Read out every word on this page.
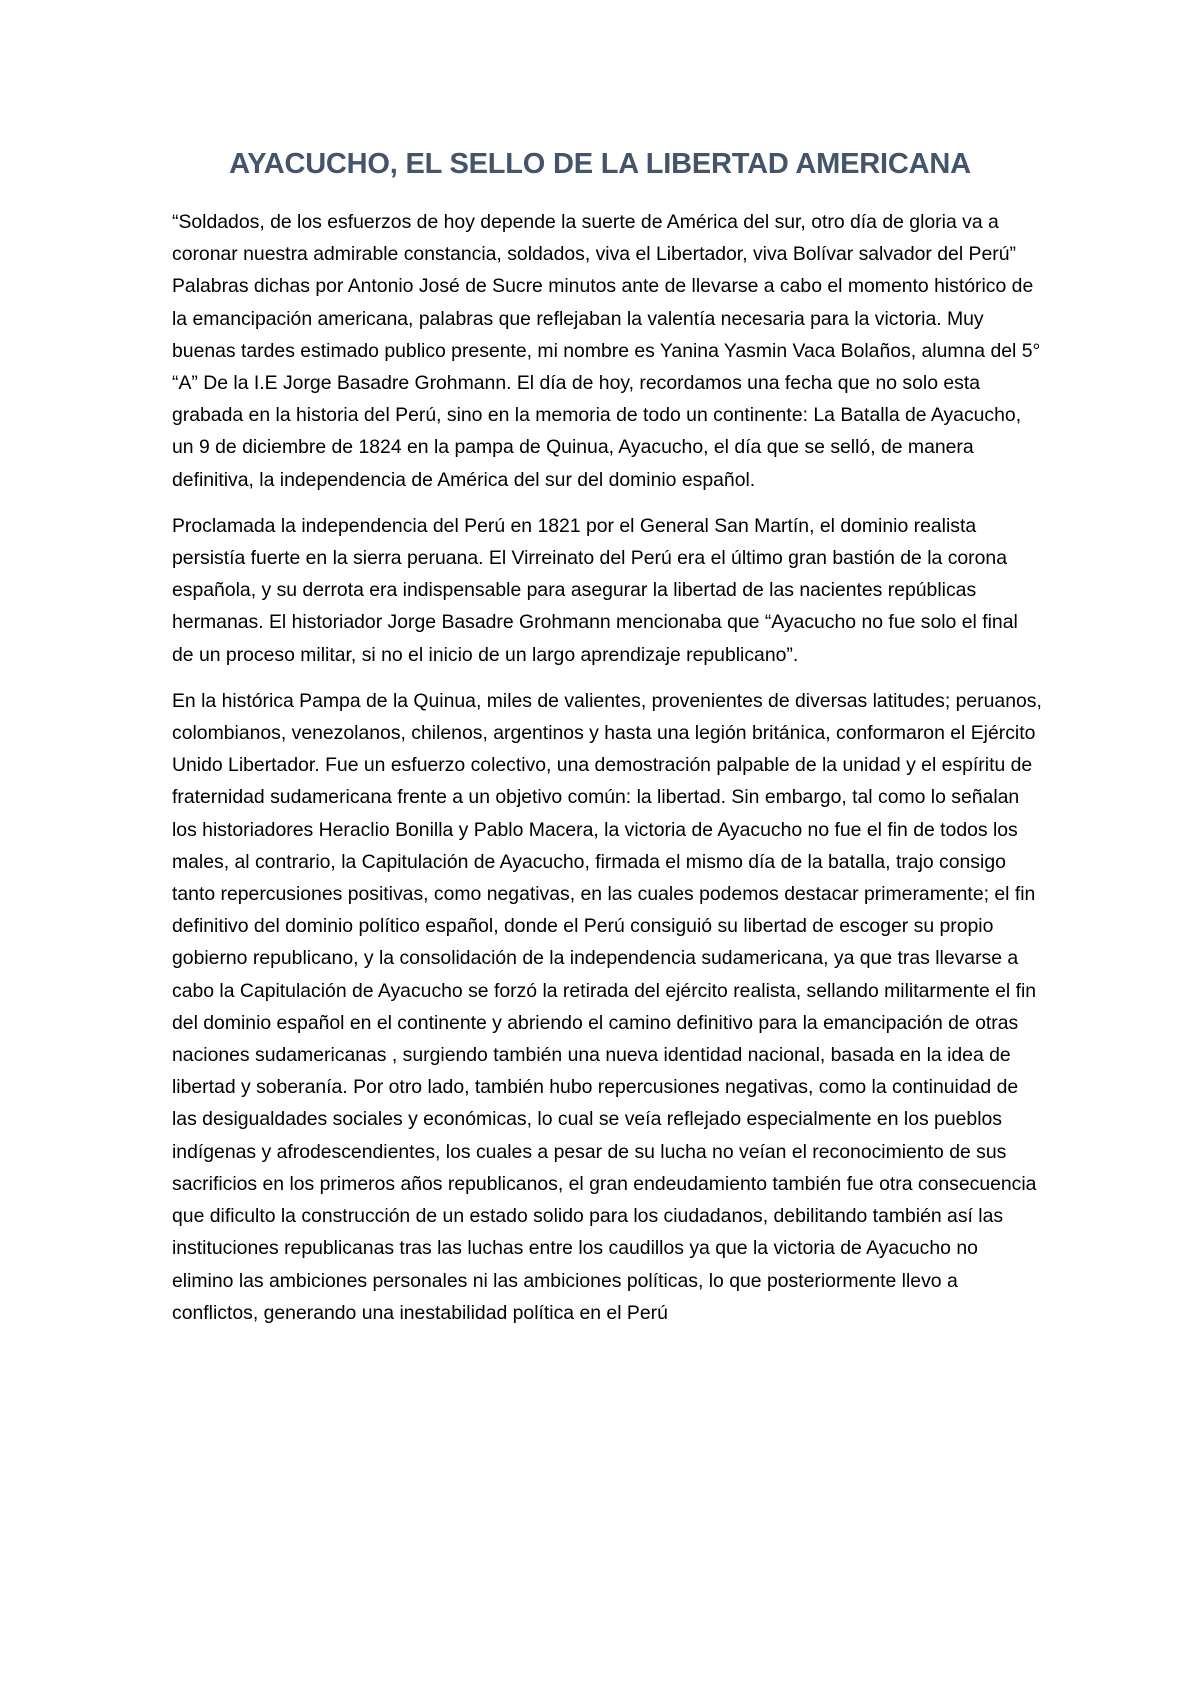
AYACUCHO, EL SELLO DE LA LIBERTAD AMERICANA

“Soldados, de los esfuerzos de hoy depende la suerte de América del sur, otro día de gloria va a coronar nuestra admirable constancia, soldados, viva el Libertador, viva Bolívar salvador del Perú” Palabras dichas por Antonio José de Sucre minutos ante de llevarse a cabo el momento histórico de la emancipación americana, palabras que reflejaban la valentía necesaria para la victoria. Muy buenas tardes estimado publico presente, mi nombre es Yanina Yasmin Vaca Bolaños, alumna del 5° “A” De la I.E Jorge Basadre Grohmann. El día de hoy, recordamos una fecha que no solo esta grabada en la historia del Perú, sino en la memoria de todo un continente: La Batalla de Ayacucho, un 9 de diciembre de 1824 en la pampa de Quinua, Ayacucho, el día que se selló, de manera definitiva, la independencia de América del sur del dominio español.

Proclamada la independencia del Perú en 1821 por el General San Martín, el dominio realista persistía fuerte en la sierra peruana. El Virreinato del Perú era el último gran bastión de la corona española, y su derrota era indispensable para asegurar la libertad de las nacientes repúblicas hermanas. El historiador Jorge Basadre Grohmann mencionaba que “Ayacucho no fue solo el final de un proceso militar, si no el inicio de un largo aprendizaje republicano”.

En la histórica Pampa de la Quinua, miles de valientes, provenientes de diversas latitudes; peruanos, colombianos, venezolanos, chilenos, argentinos y hasta una legión británica, conformaron el Ejército Unido Libertador. Fue un esfuerzo colectivo, una demostración palpable de la unidad y el espíritu de fraternidad sudamericana frente a un objetivo común: la libertad. Sin embargo, tal como lo señalan los historiadores Heraclio Bonilla y Pablo Macera, la victoria de Ayacucho no fue el fin de todos los males, al contrario, la Capitulación de Ayacucho, firmada el mismo día de la batalla, trajo consigo tanto repercusiones positivas, como negativas, en las cuales podemos destacar primeramente; el fin definitivo del dominio político español, donde el Perú consiguió su libertad de escoger su propio gobierno republicano, y la consolidación de la independencia sudamericana, ya que tras llevarse a cabo la Capitulación de Ayacucho se forzó la retirada del ejército realista, sellando militarmente el fin del dominio español en el continente y abriendo el camino definitivo para la emancipación de otras naciones sudamericanas , surgiendo también una nueva identidad nacional, basada en la idea de libertad y soberanía. Por otro lado, también hubo repercusiones negativas, como la continuidad de las desigualdades sociales y económicas, lo cual se veía reflejado especialmente en los pueblos indígenas y afrodescendientes, los cuales a pesar de su lucha no veían el reconocimiento de sus sacrificios en los primeros años republicanos, el gran endeudamiento también fue otra consecuencia que dificulto la construcción de un estado solido para los ciudadanos, debilitando también así las instituciones republicanas tras las luchas entre los caudillos ya que la victoria de Ayacucho no elimino las ambiciones personales ni las ambiciones políticas, lo que posteriormente llevo a conflictos, generando una inestabilidad política en el Perú
